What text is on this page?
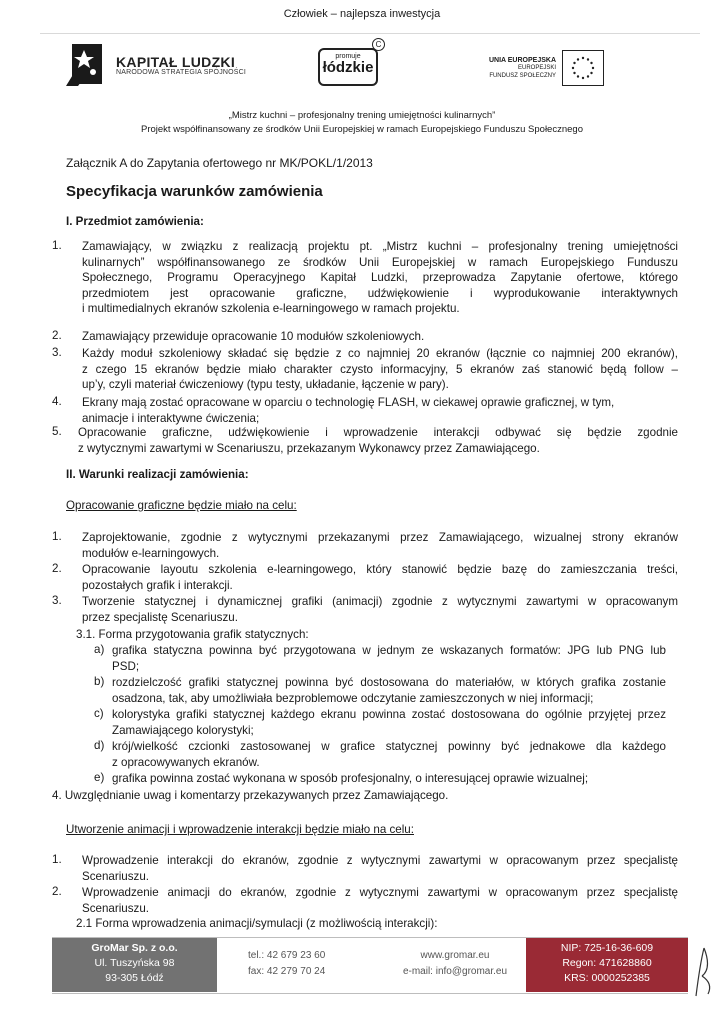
Człowiek – najlepsza inwestycja
KAPITAŁ LUDZKI
NARODOWA STRATEGIA SPÓJNOŚCI
promuje
łódzkie
C
UNIA EUROPEJSKA
EUROPEJSKI
FUNDUSZ SPOŁECZNY
„Mistrz kuchni – profesjonalny trening umiejętności kulinarnych”
Projekt współfinansowany ze środków Unii Europejskiej w ramach Europejskiego Funduszu Społecznego
Załącznik A do Zapytania ofertowego nr MK/POKL/1/2013
Specyfikacja warunków zamówienia
I. Przedmiot zamówienia:
1. Zamawiający, w związku z realizacją projektu pt. „Mistrz kuchni – profesjonalny trening umiejętności
kulinarnych” współfinansowanego ze środków Unii Europejskiej w ramach Europejskiego Funduszu
Społecznego, Programu Operacyjnego Kapitał Ludzki, przeprowadza Zapytanie ofertowe, którego
przedmiotem jest opracowanie graficzne, udźwiękowienie i wyprodukowanie interaktywnych
i multimedialnych ekranów szkolenia e-learningowego w ramach projektu.
2. Zamawiający przewiduje opracowanie 10 modułów szkoleniowych.
3. Każdy moduł szkoleniowy składać się będzie z co najmniej 20 ekranów (łącznie co najmniej 200 ekranów),
z czego 15 ekranów będzie miało charakter czysto informacyjny, 5 ekranów zaś stanowić będą follow –
up’y, czyli materiał ćwiczeniowy (typu testy, układanie, łączenie w pary).
4. Ekrany mają zostać opracowane w oparciu o technologię FLASH, w ciekawej oprawie graficznej, w tym,
animacje i interaktywne ćwiczenia;
5. Opracowanie graficzne, udźwiękowienie i wprowadzenie interakcji odbywać się będzie zgodnie
z wytycznymi zawartymi w Scenariuszu, przekazanym Wykonawcy przez Zamawiającego.
II. Warunki realizacji zamówienia:
Opracowanie graficzne będzie miało na celu:
1. Zaprojektowanie, zgodnie z wytycznymi przekazanymi przez Zamawiającego, wizualnej strony ekranów
modułów e-learningowych.
2. Opracowanie layoutu szkolenia e-learningowego, który stanowić będzie bazę do zamieszczania treści,
pozostałych grafik i interakcji.
3. Tworzenie statycznej i dynamicznej grafiki (animacji) zgodnie z wytycznymi zawartymi w opracowanym
przez specjalistę Scenariuszu.
3.1. Forma przygotowania grafik statycznych:
a) grafika statyczna powinna być przygotowana w jednym ze wskazanych formatów: JPG lub PNG lub
PSD;
b) rozdzielczość grafiki statycznej powinna być dostosowana do materiałów, w których grafika zostanie
osadzona, tak, aby umożliwiała bezproblemowe odczytanie zamieszczonych w niej informacji;
c) kolorystyka grafiki statycznej każdego ekranu powinna zostać dostosowana do ogólnie przyjętej przez
Zamawiającego kolorystyki;
d) krój/wielkość czcionki zastosowanej w grafice statycznej powinny być jednakowe dla każdego
z opracowywanych ekranów.
e) grafika powinna zostać wykonana w sposób profesjonalny, o interesującej oprawie wizualnej;
4. Uwzględnianie uwag i komentarzy przekazywanych przez Zamawiającego.
Utworzenie animacji i wprowadzenie interakcji będzie miało na celu:
1. Wprowadzenie interakcji do ekranów, zgodnie z wytycznymi zawartymi w opracowanym przez specjalistę
Scenariuszu.
2. Wprowadzenie animacji do ekranów, zgodnie z wytycznymi zawartymi w opracowanym przez specjalistę
Scenariuszu.
2.1 Forma wprowadzenia animacji/symulacji (z możliwością interakcji):
GroMar Sp. z o.o.
Ul. Tuszyńska 98
93-305 Łódź
tel.: 42 679 23 60
fax: 42 279 70 24
www.gromar.eu
e-mail: info@gromar.eu
NIP: 725-16-36-609
Regon: 471628860
KRS: 0000252385
